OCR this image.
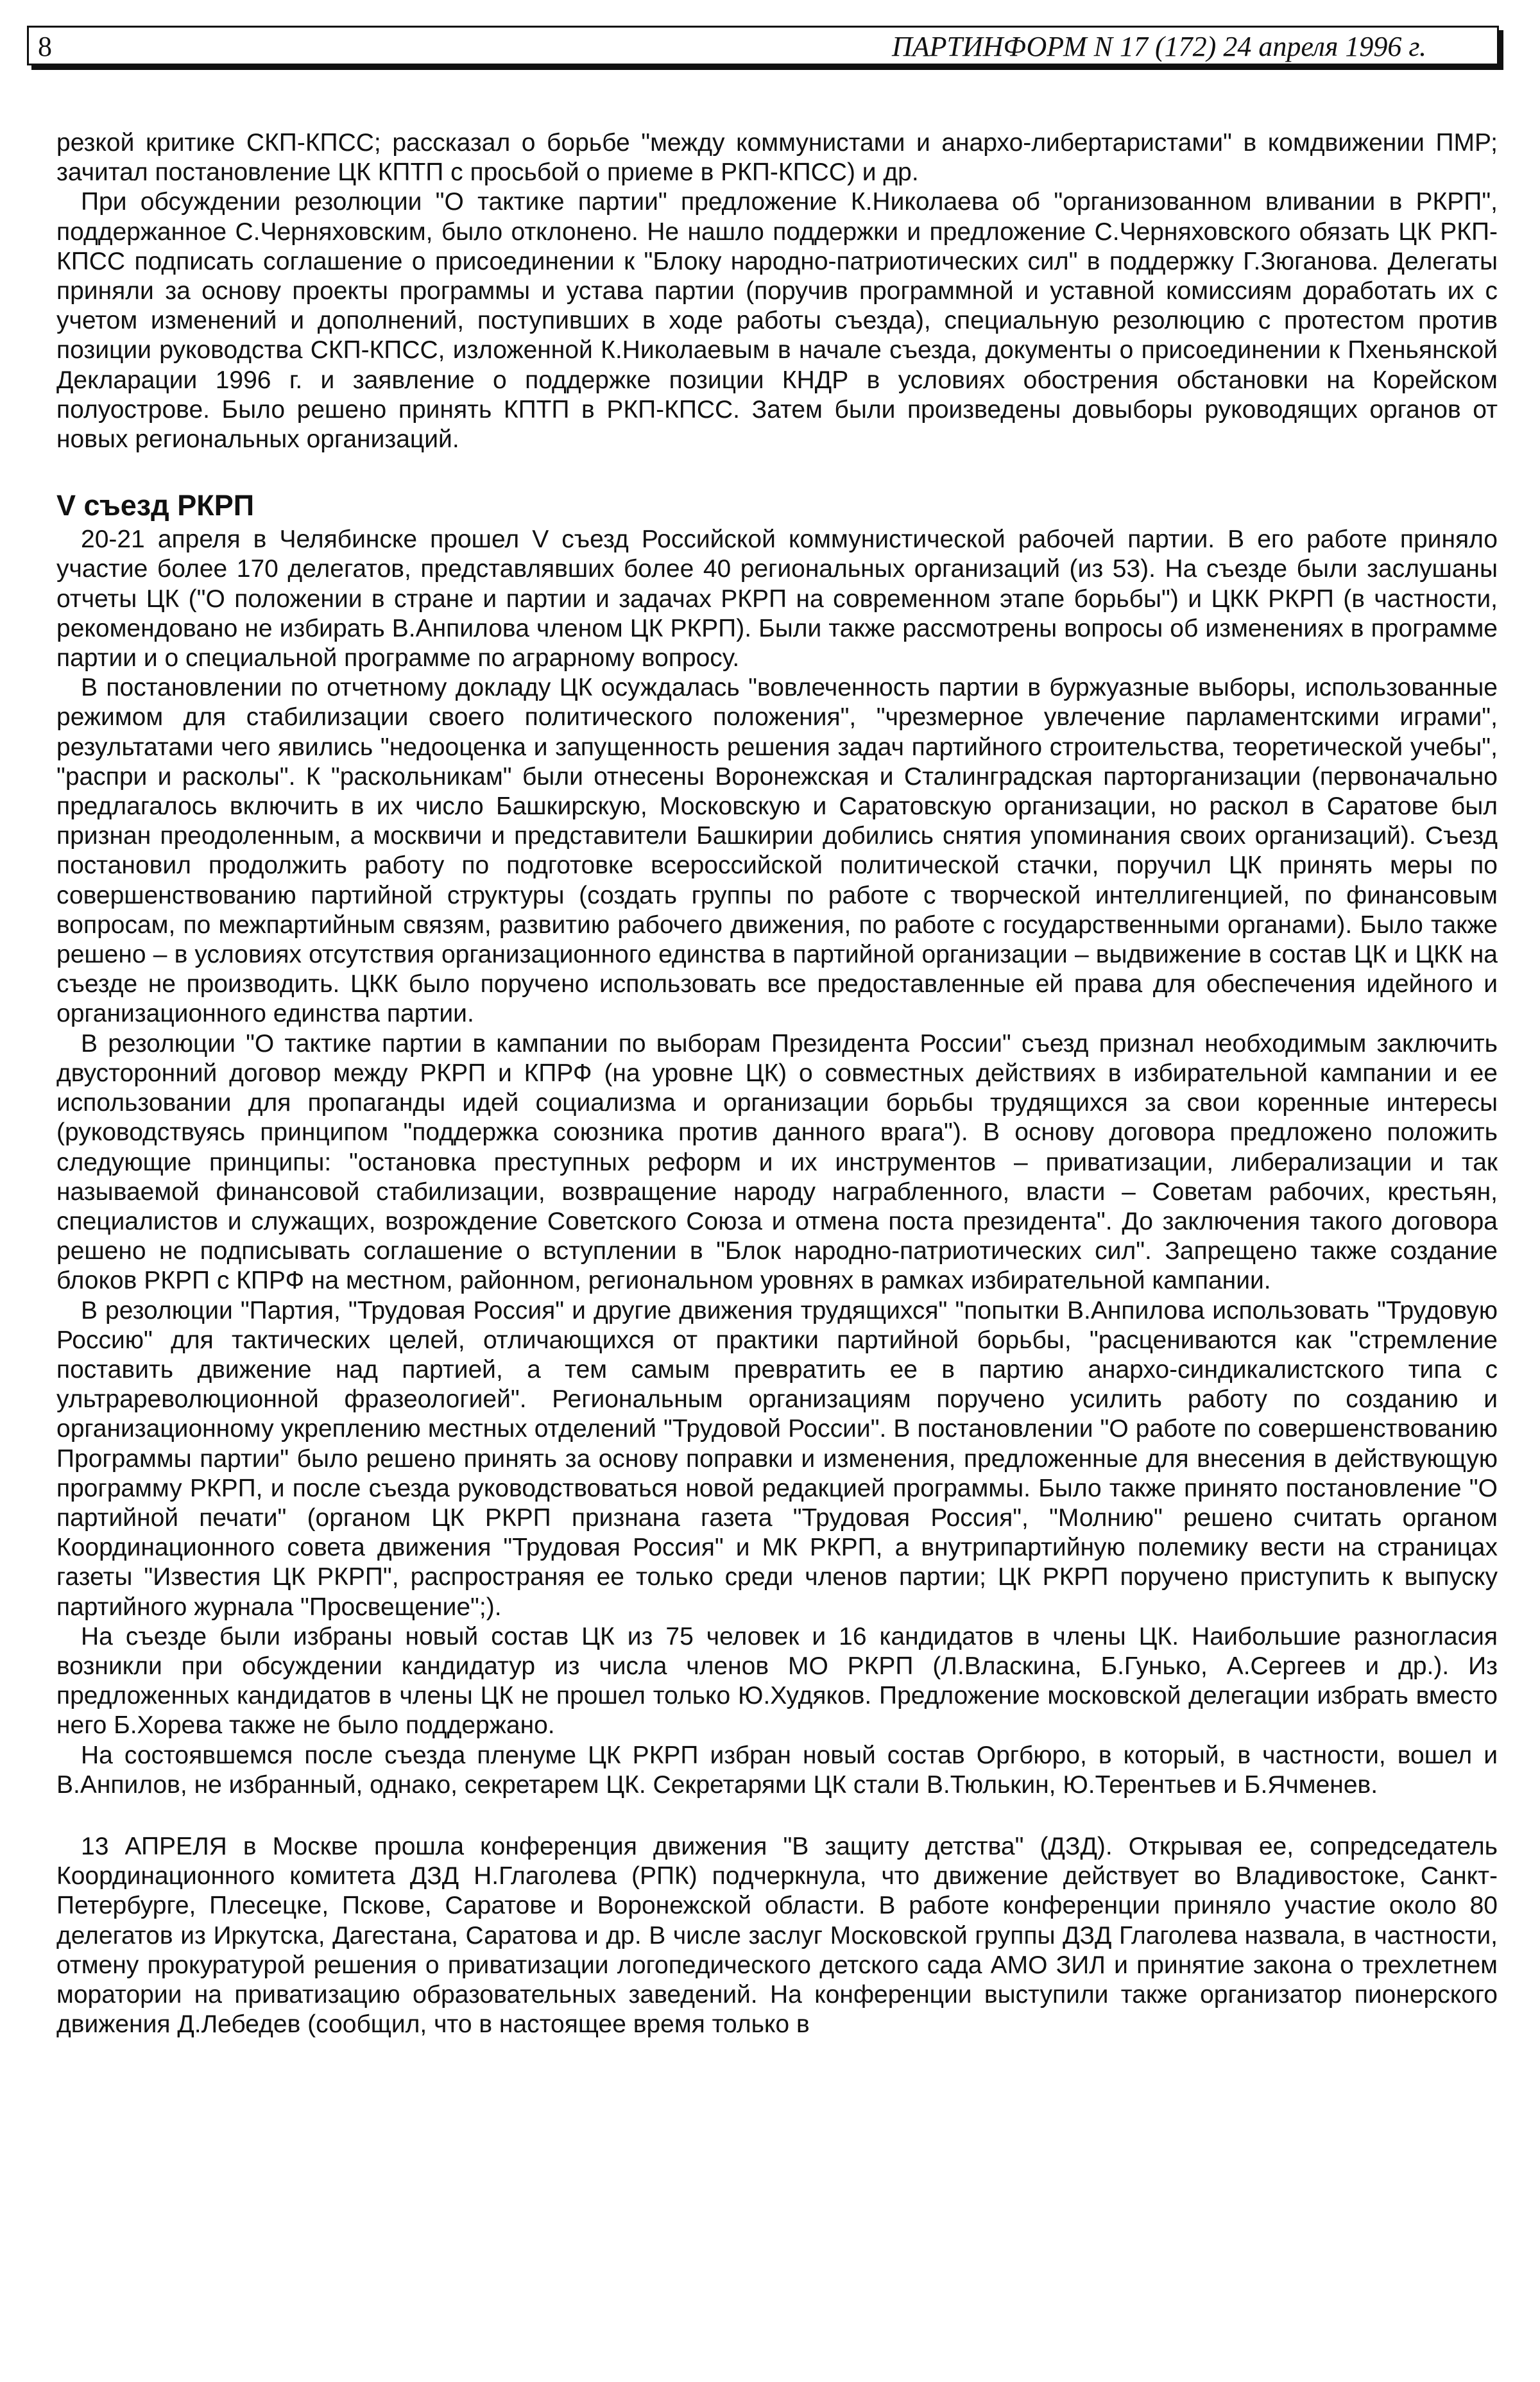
8	ПАРТИНФОРМ N 17 (172) 24 апреля 1996 г.

резкой критике СКП-КПСС; рассказал о борьбе "между коммунистами и анархо-либертаристами" в комдвижении ПМР; зачитал постановление ЦК КПТП с просьбой о приеме в РКП-КПСС) и др.

При обсуждении резолюции "О тактике партии" предложение К.Николаева об "организованном вливании в РКРП", поддержанное С.Черняховским, было отклонено. Не нашло поддержки и предложение С.Черняховского обязать ЦК РКП-КПСС подписать соглашение о присоединении к "Блоку народно-патриотических сил" в поддержку Г.Зюганова. Делегаты приняли за основу проекты программы и устава партии (поручив программной и уставной комиссиям доработать их с учетом изменений и дополнений, поступивших в ходе работы съезда), специальную резолюцию с протестом против позиции руководства СКП-КПСС, изложенной К.Николаевым в начале съезда, документы о присоединении к Пхеньянской Декларации 1996 г. и заявление о поддержке позиции КНДР в условиях обострения обстановки на Корейском полуострове. Было решено принять КПТП в РКП-КПСС. Затем были произведены довыборы руководящих органов от новых региональных организаций.

V съезд РКРП

20-21 апреля в Челябинске прошел V съезд Российской коммунистической рабочей партии. В его работе приняло участие более 170 делегатов, представлявших более 40 региональных организаций (из 53). На съезде были заслушаны отчеты ЦК ("О положении в стране и партии и задачах РКРП на современном этапе борьбы") и ЦКК РКРП (в частности, рекомендовано не избирать В.Анпилова членом ЦК РКРП). Были также рассмотрены вопросы об изменениях в программе партии и о специальной программе по аграрному вопросу.

В постановлении по отчетному докладу ЦК осуждалась "вовлеченность партии в буржуазные выборы, использованные режимом для стабилизации своего политического положения", "чрезмерное увлечение парламентскими играми", результатами чего явились "недооценка и запущенность решения задач партийного строительства, теоретической учебы", "распри и расколы". К "раскольникам" были отнесены Воронежская и Сталинградская парторганизации (первоначально предлагалось включить в их число Башкирскую, Московскую и Саратовскую организации, но раскол в Саратове был признан преодоленным, а москвичи и представители Башкирии добились снятия упоминания своих организаций). Съезд постановил продолжить работу по подготовке всероссийской политической стачки, поручил ЦК принять меры по совершенствованию партийной структуры (создать группы по работе с творческой интеллигенцией, по финансовым вопросам, по межпартийным связям, развитию рабочего движения, по работе с государственными органами). Было также решено – в условиях отсутствия организационного единства в партийной организации – выдвижение в состав ЦК и ЦКК на съезде не производить. ЦКК было поручено использовать все предоставленные ей права для обеспечения идейного и организационного единства партии.

В резолюции "О тактике партии в кампании по выборам Президента России" съезд признал необходимым заключить двусторонний договор между РКРП и КПРФ (на уровне ЦК) о совместных действиях в избирательной кампании и ее использовании для пропаганды идей социализма и организации борьбы трудящихся за свои коренные интересы (руководствуясь принципом "поддержка союзника против данного врага"). В основу договора предложено положить следующие принципы: "остановка преступных реформ и их инструментов – приватизации, либерализации и так называемой финансовой стабилизации, возвращение народу награбленного, власти – Советам рабочих, крестьян, специалистов и служащих, возрождение Советского Союза и отмена поста президента". До заключения такого договора решено не подписывать соглашение о вступлении в "Блок народно-патриотических сил". Запрещено также создание блоков РКРП с КПРФ на местном, районном, региональном уровнях в рамках избирательной кампании.

В резолюции "Партия, "Трудовая Россия" и другие движения трудящихся" "попытки В.Анпилова использовать "Трудовую Россию" для тактических целей, отличающихся от практики партийной борьбы, "расцениваются как "стремление поставить движение над партией, а тем самым превратить ее в партию анархо-синдикалистского типа с ультрареволюционной фразеологией". Региональным организациям поручено усилить работу по созданию и организационному укреплению местных отделений "Трудовой России". В постановлении "О работе по совершенствованию Программы партии" было решено принять за основу поправки и изменения, предложенные для внесения в действующую программу РКРП, и после съезда руководствоваться новой редакцией программы. Было также принято постановление "О партийной печати" (органом ЦК РКРП признана газета "Трудовая Россия", "Молнию" решено считать органом Координационного совета движения "Трудовая Россия" и МК РКРП, а внутрипартийную полемику вести на страницах газеты "Известия ЦК РКРП", распространяя ее только среди членов партии; ЦК РКРП поручено приступить к выпуску партийного журнала "Просвещение";).

На съезде были избраны новый состав ЦК из 75 человек и 16 кандидатов в члены ЦК. Наибольшие разногласия возникли при обсуждении кандидатур из числа членов МО РКРП (Л.Власкина, Б.Гунько, А.Сергеев и др.). Из предложенных кандидатов в члены ЦК не прошел только Ю.Худяков. Предложение московской делегации избрать вместо него Б.Хорева также не было поддержано.

На состоявшемся после съезда пленуме ЦК РКРП избран новый состав Оргбюро, в который, в частности, вошел и В.Анпилов, не избранный, однако, секретарем ЦК. Секретарями ЦК стали В.Тюлькин, Ю.Терентьев и Б.Ячменев.

13 АПРЕЛЯ в Москве прошла конференция движения "В защиту детства" (ДЗД). Открывая ее, сопредседатель Координационного комитета ДЗД Н.Глаголева (РПК) подчеркнула, что движение действует во Владивостоке, Санкт-Петербурге, Плесецке, Пскове, Саратове и Воронежской области. В работе конференции приняло участие около 80 делегатов из Иркутска, Дагестана, Саратова и др. В числе заслуг Московской группы ДЗД Глаголева назвала, в частности, отмену прокуратурой решения о приватизации логопедического детского сада АМО ЗИЛ и принятие закона о трехлетнем моратории на приватизацию образовательных заведений. На конференции выступили также организатор пионерского движения Д.Лебедев (сообщил, что в настоящее время только в
